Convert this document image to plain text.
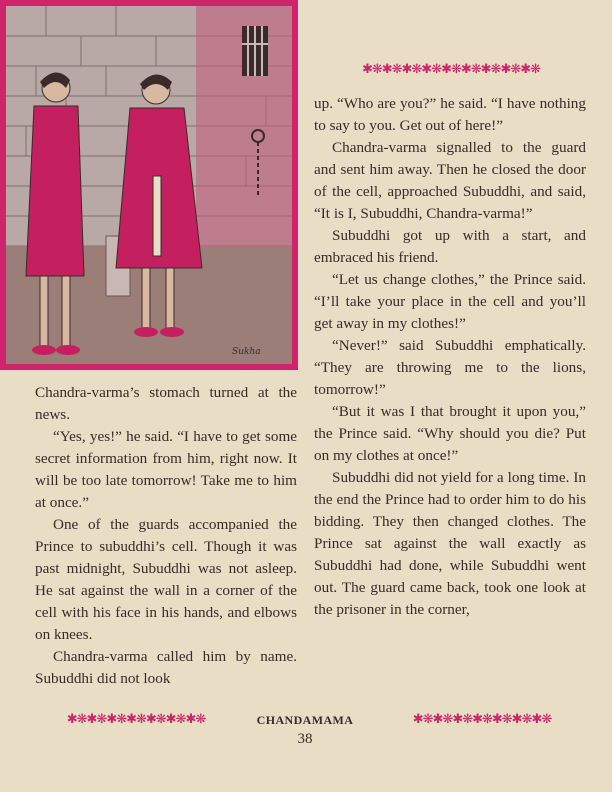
Sukha
✱❋✱❋✱❋✱❋✱❋✱❋✱❋✱❋✱❋

Chandra-varma’s stomach turned at the news.

“Yes, yes!” he said. “I have to get some secret information from him, right now. It will be too late tomorrow! Take me to him at once.”

One of the guards accompanied the Prince to subuddhi’s cell. Though it was past midnight, Subuddhi was not asleep. He sat against the wall in a corner of the cell with his face in his hands, and elbows on knees.

Chandra-varma called him by name. Subuddhi did not look

up. “Who are you?” he said. “I have nothing to say to you. Get out of here!”

Chandra-varma signalled to the guard and sent him away. Then he closed the door of the cell, approached Subuddhi, and said, “It is I, Subuddhi, Chandra-varma!”

Subuddhi got up with a start, and embraced his friend.

“Let us change clothes,” the Prince said. “I’ll take your place in the cell and you’ll get away in my clothes!”

“Never!” said Subuddhi emphatically. “They are throwing me to the lions, tomorrow!”

“But it was I that brought it upon you,” the Prince said. “Why should you die? Put on my clothes at once!”

Subuddhi did not yield for a long time. In the end the Prince had to order him to do his bidding. They then changed clothes. The Prince sat against the wall exactly as Subuddhi had done, while Subuddhi went out. The guard came back, took one look at the prisoner in the corner,

✱❋✱❋✱❋✱❋✱❋✱❋✱❋	CHANDAMAMA	✱❋✱❋✱❋✱❋✱❋✱❋✱❋
38
